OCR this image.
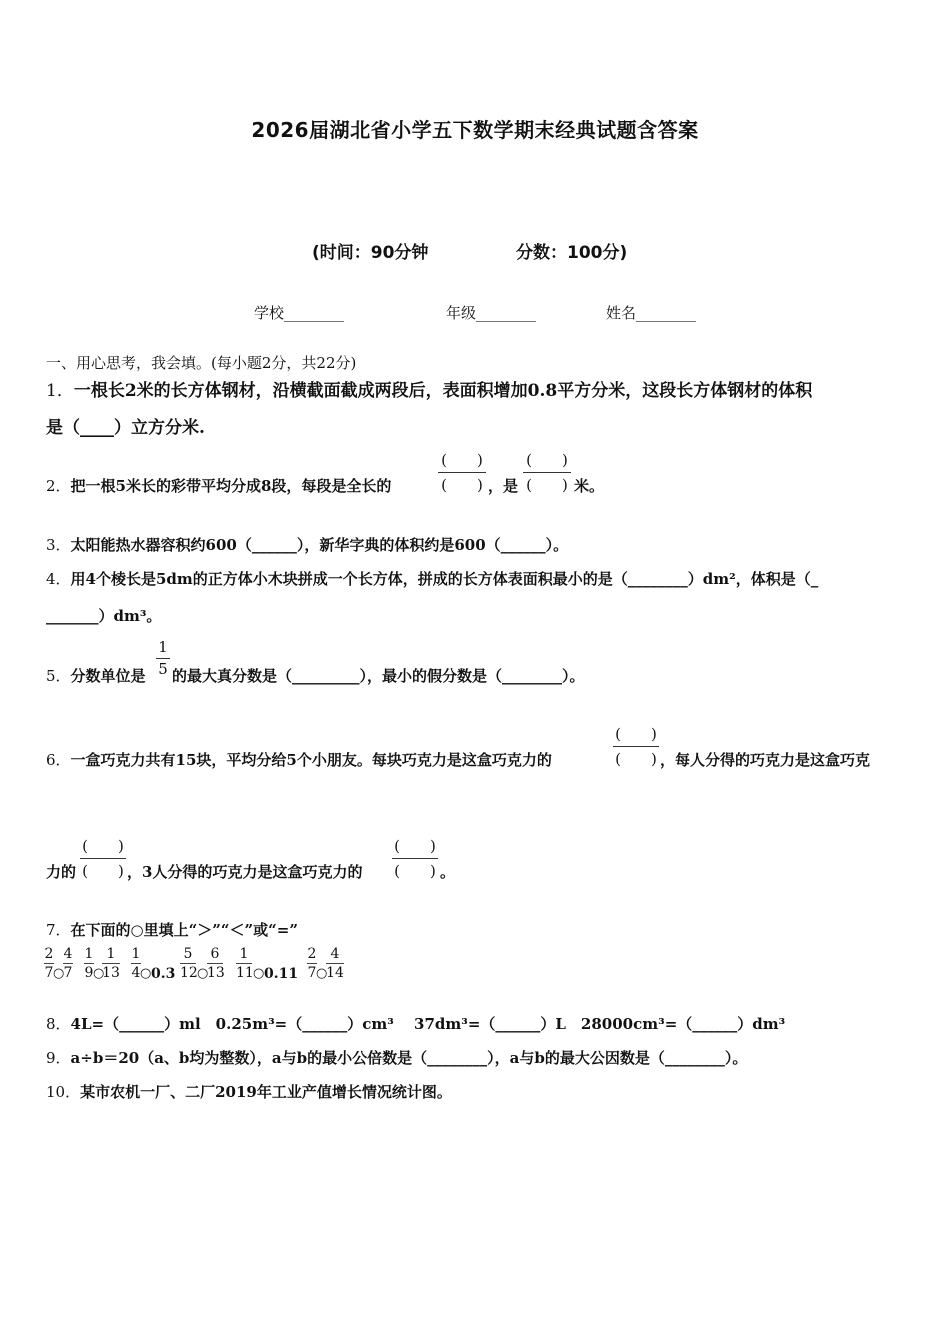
2026届湖北省小学五下数学期末经典试题含答案
(时间：90分钟	分数：100分)
学校________	年级________	姓名________
一、用心思考，我会填。(每小题2分，共22分)
1．一根长2米的长方体钢材，沿横截面截成两段后，表面积增加0.8平方分米，这段长方体钢材的体积
是（____）立方分米.
2．把一根5米长的彩带平均分成8段，每段是全长的
(　　)
(　　) ，是
(　　)
(　　) 米。
3．太阳能热水器容积约600（______），新华字典的体积约是600（______）。
4．用4个棱长是5dm的正方体小木块拼成一个长方体，拼成的长方体表面积最小的是（________）dm²，体积是（_
_______）dm³。
5．分数单位是
1
5 的最大真分数是（_________），最小的假分数是（________）。
6．一盒巧克力共有15块，平均分给5个小朋友。每块巧克力是这盒巧克力的
(　　)
(　　) ，每人分得的巧克力是这盒巧克
力的
(　　)
(　　) ，3人分得的巧克力是这盒巧克力的
(　　)
(　　) 。
7．在下面的○里填上“＞”“＜”或“=”
2
7 ○
4
7
1
9 ○
1
13
1
4 ○ 0.3
5
12 ○
6
13
1
11 ○ 0.11
2
7 ○
4
14
8．4L=（______）ml　0.25m³=（______）cm³　 37dm³=（______）L　28000cm³=（______）dm³
9．a÷b＝20（a、b均为整数），a与b的最小公倍数是（________），a与b的最大公因数是（________）。
10．某市农机一厂、二厂2019年工业产值增长情况统计图。
